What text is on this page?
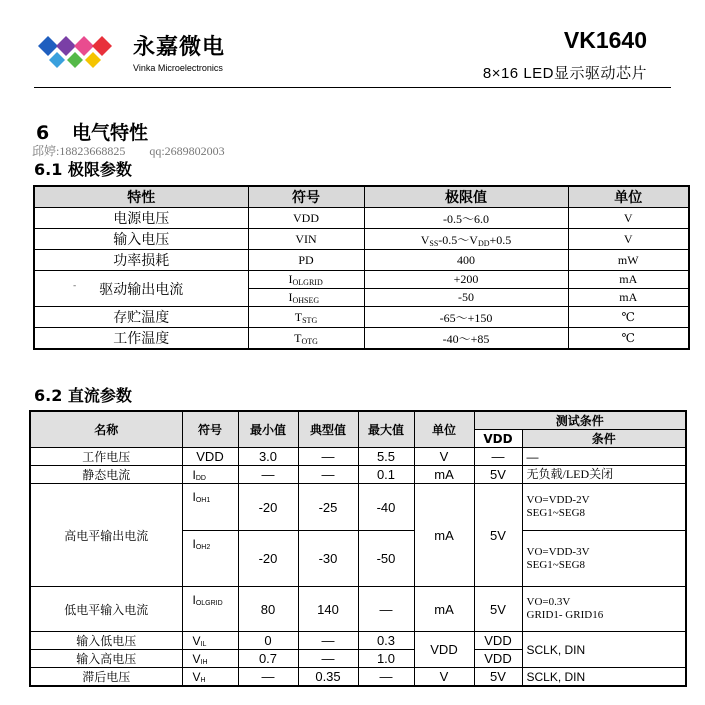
永嘉微电
Vinka Microelectronics
VK1640
8×16 LED显示驱动芯片
6 电气特性
邱婷:18823668825 qq:2689802003
6.1 极限参数
特性	符号	极限值	单位
电源电压	VDD	-0.5～6.0	V
输入电压	VIN	$V_{SS}-0.5\sim V_{DD}+0.5$	V
功率损耗	PD	400	mW
驱动输出电流	$I_{OLGRID}$	+200	mA
	$I_{OHSEG}$	-50	mA
存贮温度	$T_{STG}$	-65～+150	℃
工作温度	$T_{OTG}$	-40～+85	℃
-
6.2 直流参数
名称	符号	最小值	典型值	最大值	单位	测试条件	
						VDD	条件
工作电压	VDD	3.0	—	5.5	V	—	—
静态电流	$I_{DD}$	—	—	0.1	mA	5V	无负载/LED关闭
高电平输出电流	$I_{OH1}$	-20	-25	-40	mA	5V	VO=VDD-2V
SEG1~SEG8

	$I_{OH2}$	-20	-30	-50			VO=VDD-3V
SEG1~SEG8

低电平输入电流	$I_{OLGRID}$	80	140	—	mA	5V	VO=0.3V
GRID1- GRID16

输入低电压	$V_{IL}$	0	—	0.3	VDD	VDD	SCLK, DIN
输入高电压	$V_{IH}$	0.7	—	1.0		VDD	
滞后电压	$V_H$	—	0.35	—	V	5V	SCLK, DIN
